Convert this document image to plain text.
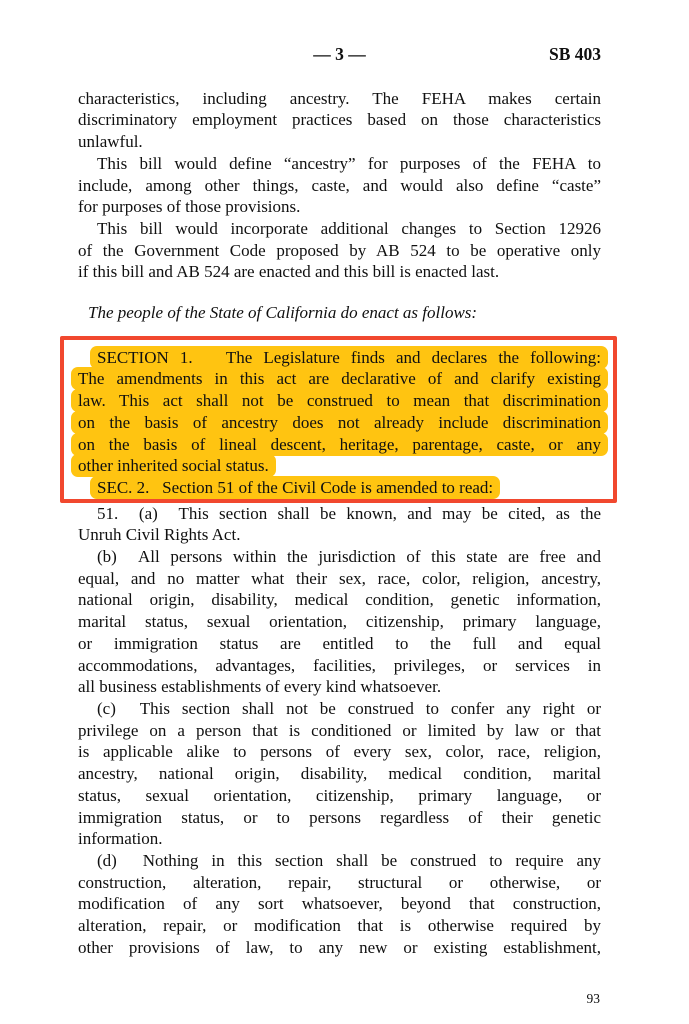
— 3 —	SB 403
characteristics, including ancestry. The FEHA makes certain
discriminatory employment practices based on those characteristics
unlawful.
This bill would define “ancestry” for purposes of the FEHA to
include, among other things, caste, and would also define “caste”
for purposes of those provisions.
This bill would incorporate additional changes to Section 12926
of the Government Code proposed by AB 524 to be operative only
if this bill and AB 524 are enacted and this bill is enacted last.
The people of the State of California do enact as follows:
SECTION 1.   The Legislature finds and declares the following:
The amendments in this act are declarative of and clarify existing
law. This act shall not be construed to mean that discrimination
on the basis of ancestry does not already include discrimination
on the basis of lineal descent, heritage, parentage, caste, or any
other inherited social status.
SEC. 2.   Section 51 of the Civil Code is amended to read:
51.  (a)  This section shall be known, and may be cited, as the
Unruh Civil Rights Act.
(b)  All persons within the jurisdiction of this state are free and
equal, and no matter what their sex, race, color, religion, ancestry,
national origin, disability, medical condition, genetic information,
marital status, sexual orientation, citizenship, primary language,
or immigration status are entitled to the full and equal
accommodations, advantages, facilities, privileges, or services in
all business establishments of every kind whatsoever.
(c)  This section shall not be construed to confer any right or
privilege on a person that is conditioned or limited by law or that
is applicable alike to persons of every sex, color, race, religion,
ancestry, national origin, disability, medical condition, marital
status, sexual orientation, citizenship, primary language, or
immigration status, or to persons regardless of their genetic
information.
(d)  Nothing in this section shall be construed to require any
construction, alteration, repair, structural or otherwise, or
modification of any sort whatsoever, beyond that construction,
alteration, repair, or modification that is otherwise required by
other provisions of law, to any new or existing establishment,
93
